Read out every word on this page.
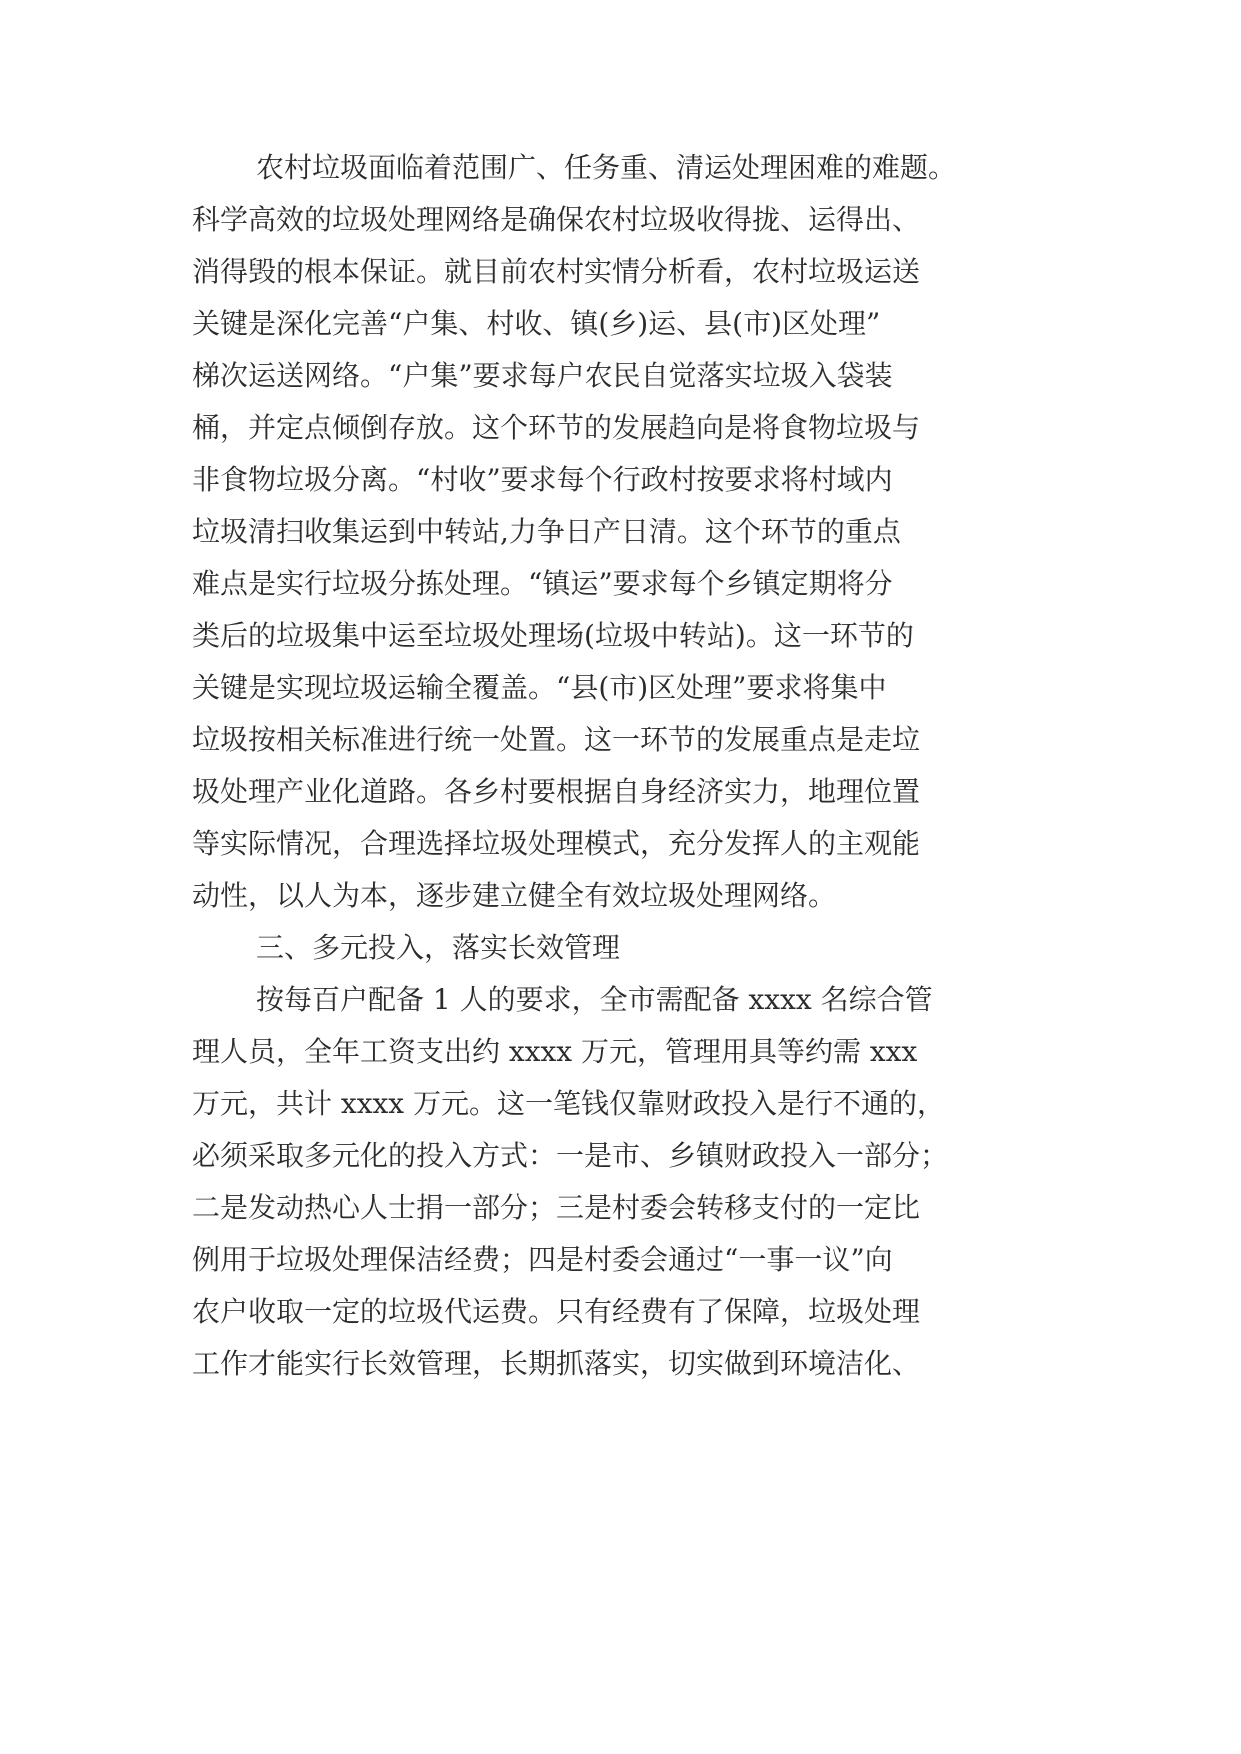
农村垃圾面临着范围广、任务重、清运处理困难的难题。
科学高效的垃圾处理网络是确保农村垃圾收得拢、运得出、
消得毁的根本保证。就目前农村实情分析看，农村垃圾运送
关键是深化完善“户集、村收、镇(乡)运、县(市)区处理”
梯次运送网络。“户集”要求每户农民自觉落实垃圾入袋装
桶，并定点倾倒存放。这个环节的发展趋向是将食物垃圾与
非食物垃圾分离。“村收”要求每个行政村按要求将村域内
垃圾清扫收集运到中转站,力争日产日清。这个环节的重点
难点是实行垃圾分拣处理。“镇运”要求每个乡镇定期将分
类后的垃圾集中运至垃圾处理场(垃圾中转站)。这一环节的
关键是实现垃圾运输全覆盖。“县(市)区处理”要求将集中
垃圾按相关标准进行统一处置。这一环节的发展重点是走垃
圾处理产业化道路。各乡村要根据自身经济实力，地理位置
等实际情况，合理选择垃圾处理模式，充分发挥人的主观能
动性，以人为本，逐步建立健全有效垃圾处理网络。
三、多元投入，落实长效管理
按每百户配备 1 人的要求，全市需配备 xxxx 名综合管
理人员，全年工资支出约 xxxx 万元，管理用具等约需 xxx
万元，共计 xxxx 万元。这一笔钱仅靠财政投入是行不通的，
必须采取多元化的投入方式：一是市、乡镇财政投入一部分；
二是发动热心人士捐一部分；三是村委会转移支付的一定比
例用于垃圾处理保洁经费；四是村委会通过“一事一议”向
农户收取一定的垃圾代运费。只有经费有了保障，垃圾处理
工作才能实行长效管理，长期抓落实，切实做到环境洁化、
